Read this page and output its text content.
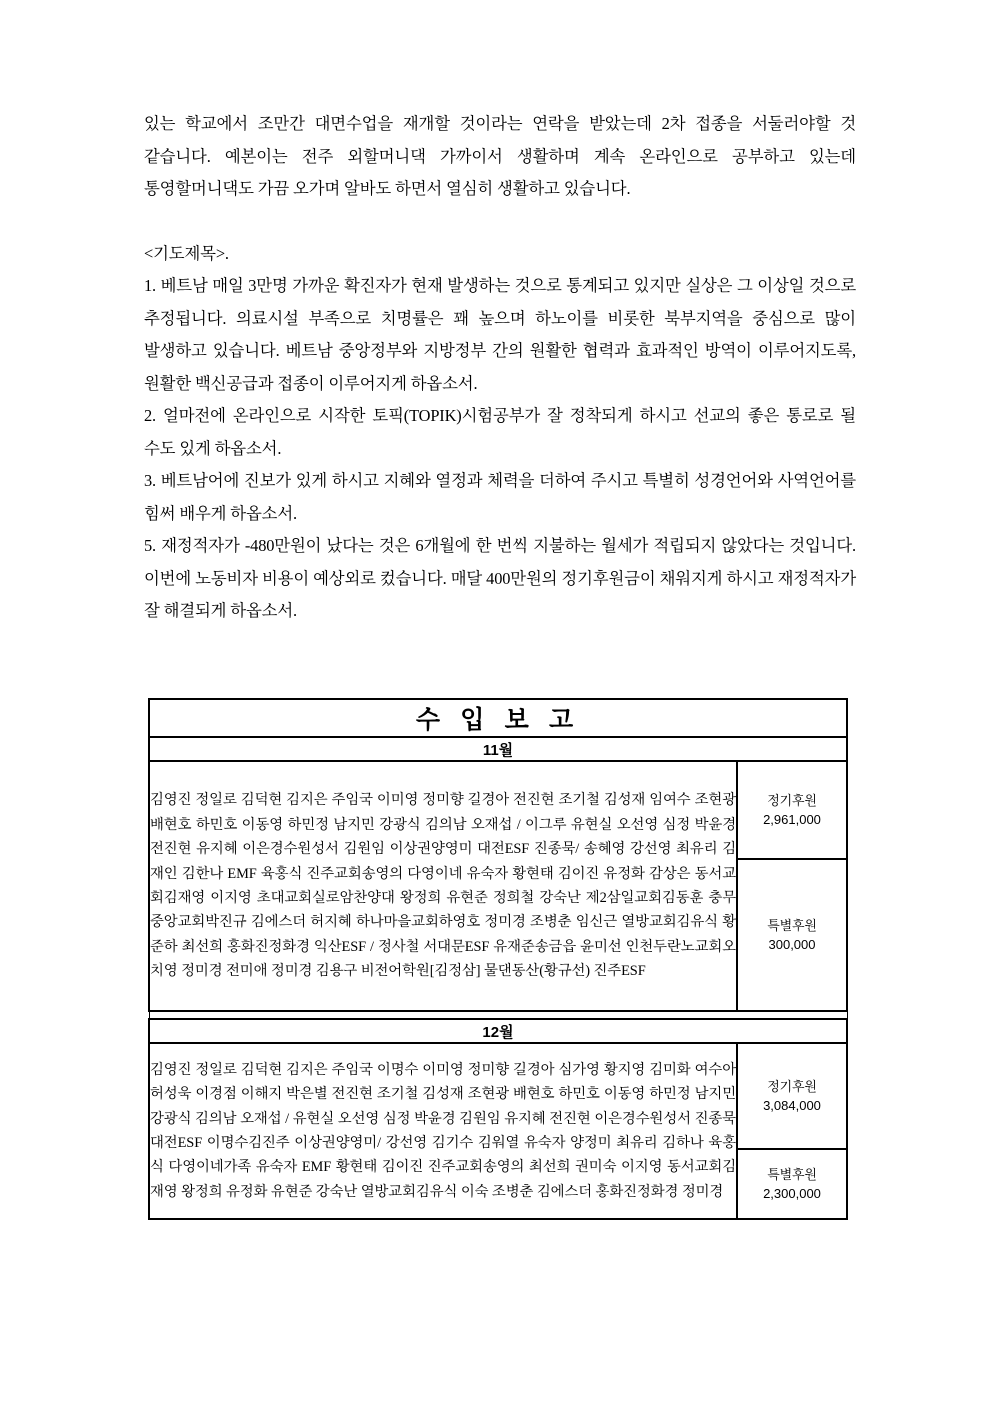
있는 학교에서 조만간 대면수업을 재개할 것이라는 연락을 받았는데 2차 접종을 서둘러야할 것 같습니다. 예본이는 전주 외할머니댁 가까이서 생활하며 계속 온라인으로 공부하고 있는데 통영할머니댁도 가끔 오가며 알바도 하면서 열심히 생활하고 있습니다.

<기도제목>.

1. 베트남 매일 3만명 가까운 확진자가 현재 발생하는 것으로 통계되고 있지만 실상은 그 이상일 것으로 추정됩니다. 의료시설 부족으로 치명률은 꽤 높으며 하노이를 비롯한 북부지역을 중심으로 많이 발생하고 있습니다. 베트남 중앙정부와 지방정부 간의 원활한 협력과 효과적인 방역이 이루어지도록, 원활한 백신공급과 접종이 이루어지게 하옵소서.

2. 얼마전에 온라인으로 시작한 토픽(TOPIK)시험공부가 잘 정착되게 하시고 선교의 좋은 통로로 될 수도 있게 하옵소서.

3. 베트남어에 진보가 있게 하시고 지혜와 열정과 체력을 더하여 주시고 특별히 성경언어와 사역언어를 힘써 배우게 하옵소서.

5. 재정적자가 -480만원이 났다는 것은 6개월에 한 번씩 지불하는 월세가 적립되지 않았다는 것입니다. 이번에 노동비자 비용이 예상외로 컸습니다. 매달 400만원의 정기후원금이 채워지게 하시고 재정적자가 잘 해결되게 하옵소서.

수 입 보 고	
11월	
김영진 정일로 김덕현 김지은 주임국 이미영 정미향 길경아 전진현 조기철 김성재 임여수 조현광 배현호 하민호 이동영 하민정 남지민 강광식 김의남 오재섭 / 이그루 유현실 오선영 심정 박윤경 전진현 유지혜 이은경수원성서 김원임 이상권양영미 대전ESF 진종묵/ 송혜영 강선영 최유리 김재인 김한나 EMF 육홍식 진주교회송영의 다영이네 유숙자 황현태 김이진 유정화 감상은 동서교회김재영 이지영 초대교회실로암찬양대 왕정희 유현준 정희철 강숙난 제2삼일교회김동훈 충무중앙교회박진규 김에스더 허지혜 하나마을교회하영호 정미경 조병춘 임신근 열방교회김유식 황준하 최선희 홍화진정화경 익산ESF / 정사철 서대문ESF 유재준송금읍 윤미선 인천두란노교회오치영 정미경 전미애 정미경 김용구 비전어학원[김정삼] 물댄동산(황규선) 진주ESF	정기후원
2,961,000

	특별후원
300,000

12월	
김영진 정일로 김덕현 김지은 주임국 이명수 이미영 정미향 길경아 심가영 황지영 김미화 여수아 허성욱 이경점 이해지 박은별 전진현 조기철 김성재 조현광 배현호 하민호 이동영 하민정 남지민 강광식 김의남 오재섭 / 유현실 오선영 심정 박윤경 김원임 유지혜 전진현 이은경수원성서 진종묵 대전ESF 이명수김진주 이상권양영미/ 강선영 김기수 김워열 유숙자 양정미 최유리 김하나 육홍식 다영이네가족 유숙자 EMF 황현태 김이진 진주교회송영의 최선희 권미숙 이지영 동서교회김재영 왕정희 유정화 유현준 강숙난 열방교회김유식 이숙 조병춘 김에스더 홍화진정화경 정미경	정기후원
3,084,000

	특별후원
2,300,000
